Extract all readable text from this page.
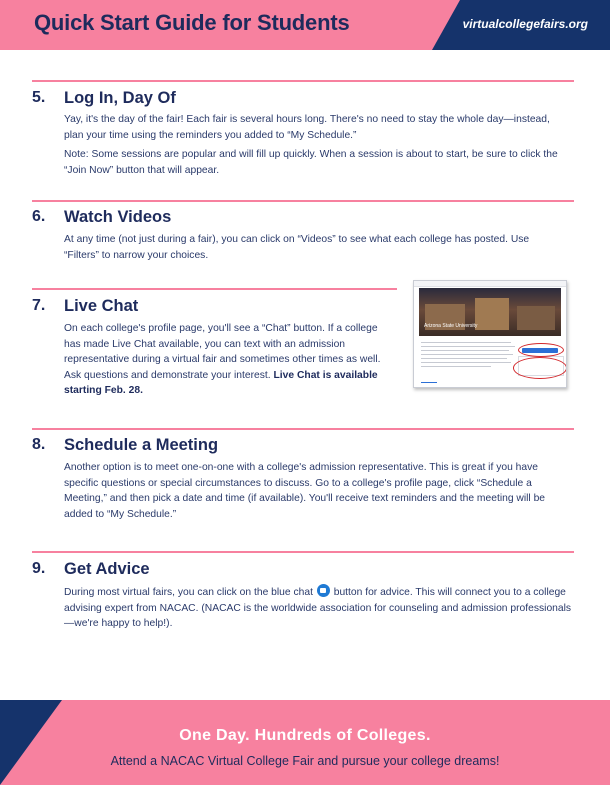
Quick Start Guide for Students	virtualcollegefairs.org
5. Log In, Day Of

Yay, it's the day of the fair! Each fair is several hours long. There's no need to stay the whole day—instead, plan your time using the reminders you added to “My Schedule.”

Note: Some sessions are popular and will fill up quickly. When a session is about to start, be sure to click the “Join Now” button that will appear.

6. Watch Videos

At any time (not just during a fair), you can click on “Videos” to see what each college has posted. Use “Filters” to narrow your choices.

7. Live Chat

On each college's profile page, you'll see a “Chat” button. If a college has made Live Chat available, you can text with an admission representative during a virtual fair and sometimes other times as well. Ask questions and demonstrate your interest. Live Chat is available starting Feb. 28.

Arizona State University
8. Schedule a Meeting

Another option is to meet one-on-one with a college's admission representative. This is great if you have specific questions or special circumstances to discuss. Go to a college's profile page, click “Schedule a Meeting,” and then pick a date and time (if available). You'll receive text reminders and the meeting will be added to “My Schedule.”

9. Get Advice

During most virtual fairs, you can click on the blue chat button for advice. This will connect you to a college advising expert from NACAC. (NACAC is the worldwide association for counseling and admission professionals—we're happy to help!).

One Day. Hundreds of Colleges.
Attend a NACAC Virtual College Fair and pursue your college dreams!
